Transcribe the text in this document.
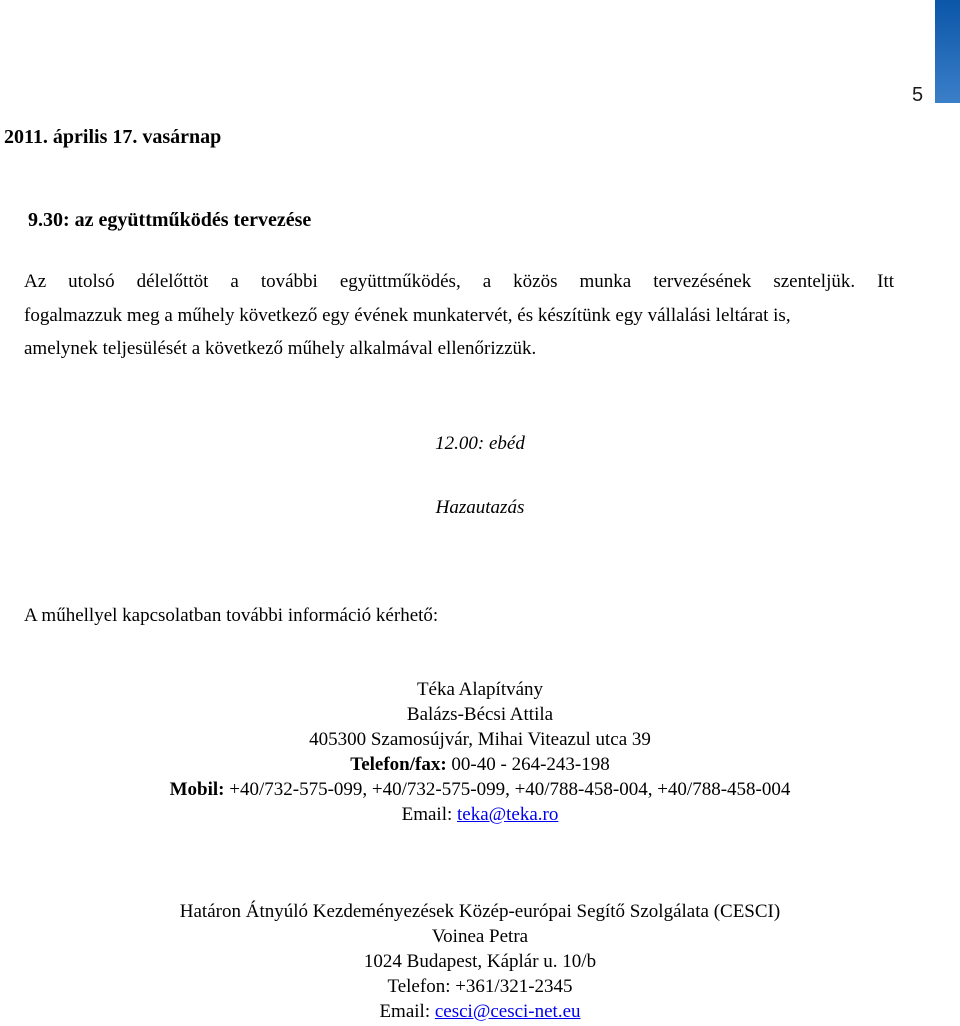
5
2011. április 17. vasárnap
9.30: az együttműködés tervezése
Az utolsó délelőttöt a további együttműködés, a közös munka tervezésének szenteljük. Itt
fogalmazzuk meg a műhely következő egy évének munkatervét, és készítünk egy vállalási leltárat is,
amelynek teljesülését a következő műhely alkalmával ellenőrizzük.
12.00: ebéd
Hazautazás
A műhellyel kapcsolatban további információ kérhető:
Téka Alapítvány
Balázs-Bécsi Attila
405300 Szamosújvár, Mihai Viteazul utca 39
Telefon/fax: 00-40 - 264-243-198
Mobil: +40/732-575-099, +40/732-575-099, +40/788-458-004, +40/788-458-004
Email: teka@teka.ro
Határon Átnyúló Kezdeményezések Közép-európai Segítő Szolgálata (CESCI)
Voinea Petra
1024 Budapest, Káplár u. 10/b
Telefon: +361/321-2345
Email: cesci@cesci-net.eu
